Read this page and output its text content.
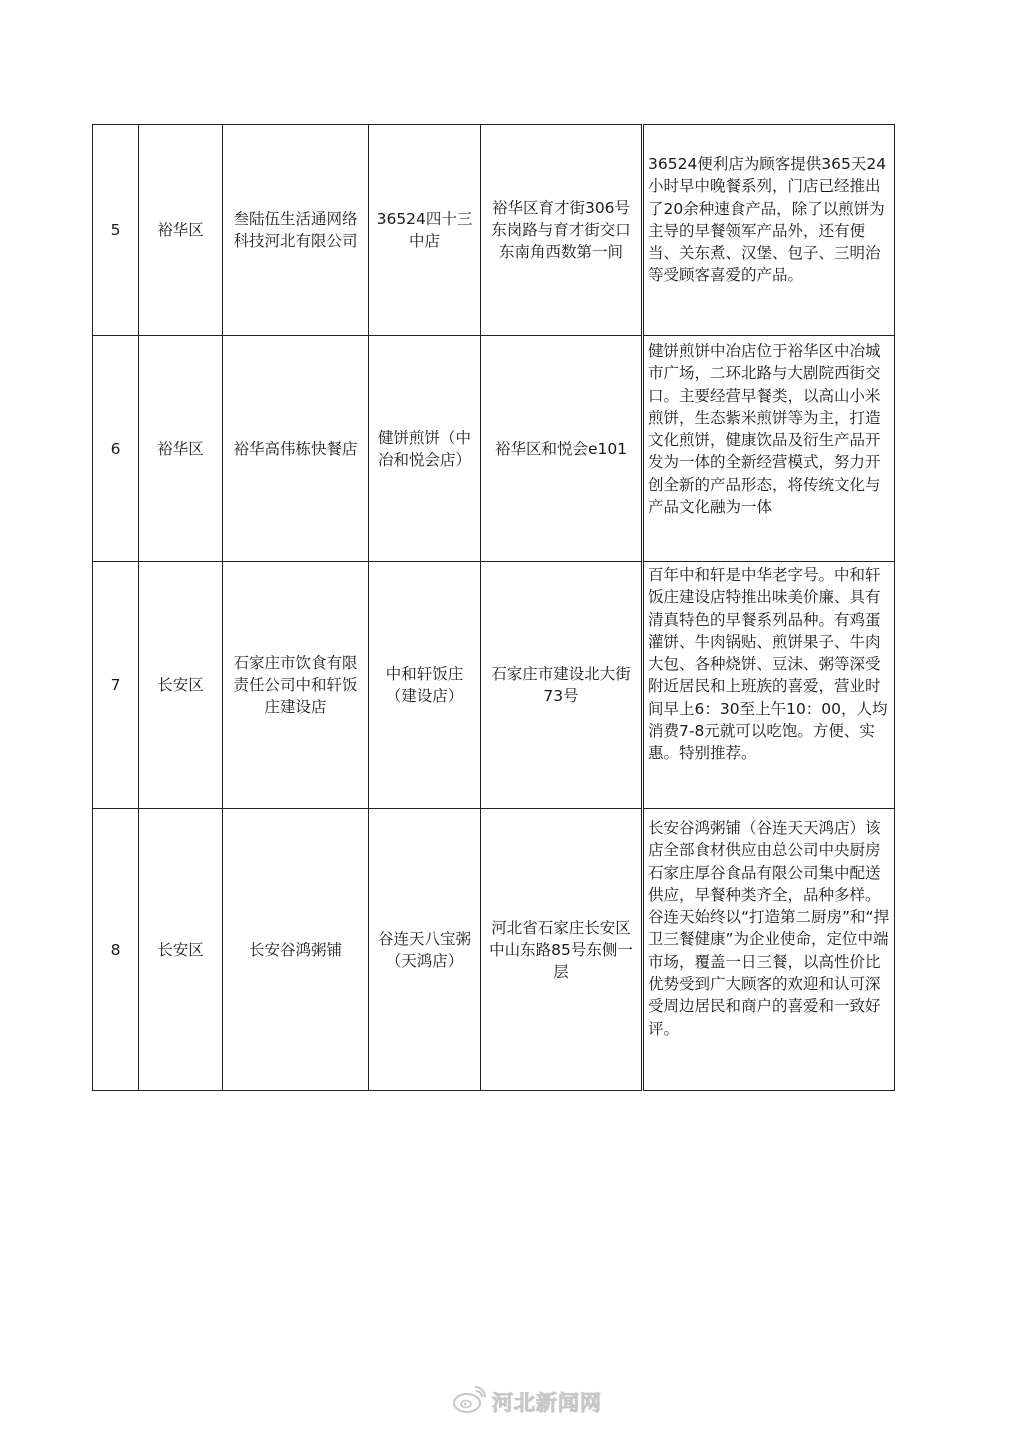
5	裕华区	叁陆伍生活通网络科技河北有限公司	36524四十三中店	裕华区育才街306号东岗路与育才街交口东南角西数第一间	36524便利店为顾客提供365天24小时早中晚餐系列，门店已经推出了20余种速食产品，除了以煎饼为主导的早餐领军产品外，还有便当、关东煮、汉堡、包子、三明治等受顾客喜爱的产品。

6	裕华区	裕华高伟栋快餐店	健饼煎饼（中冶和悦会店）	裕华区和悦会e101	健饼煎饼中冶店位于裕华区中冶城市广场，二环北路与大剧院西街交口。主要经营早餐类，以高山小米煎饼，生态紫米煎饼等为主，打造文化煎饼，健康饮品及衍生产品开发为一体的全新经营模式，努力开创全新的产品形态，将传统文化与产品文化融为一体

7	长安区	石家庄市饮食有限责任公司中和轩饭庄建设店	中和轩饭庄（建设店）	石家庄市建设北大街73号	百年中和轩是中华老字号。中和轩饭庄建设店特推出味美价廉、具有清真特色的早餐系列品种。有鸡蛋灌饼、牛肉锅贴、煎饼果子、牛肉大包、各种烧饼、豆沫、粥等深受附近居民和上班族的喜爱，营业时间早上6：30至上午10：00，人均消费7-8元就可以吃饱。方便、实惠。特别推荐。

8	长安区	长安谷鸿粥铺	谷连天八宝粥（天鸿店）	河北省石家庄长安区中山东路85号东侧一层	长安谷鸿粥铺（谷连天天鸿店）该店全部食材供应由总公司中央厨房石家庄厚谷食品有限公司集中配送供应，早餐种类齐全，品种多样。谷连天始终以“打造第二厨房”和“捍卫三餐健康”为企业使命，定位中端市场，覆盖一日三餐，以高性价比优势受到广大顾客的欢迎和认可深受周边居民和商户的喜爱和一致好评。
河北新闻网
